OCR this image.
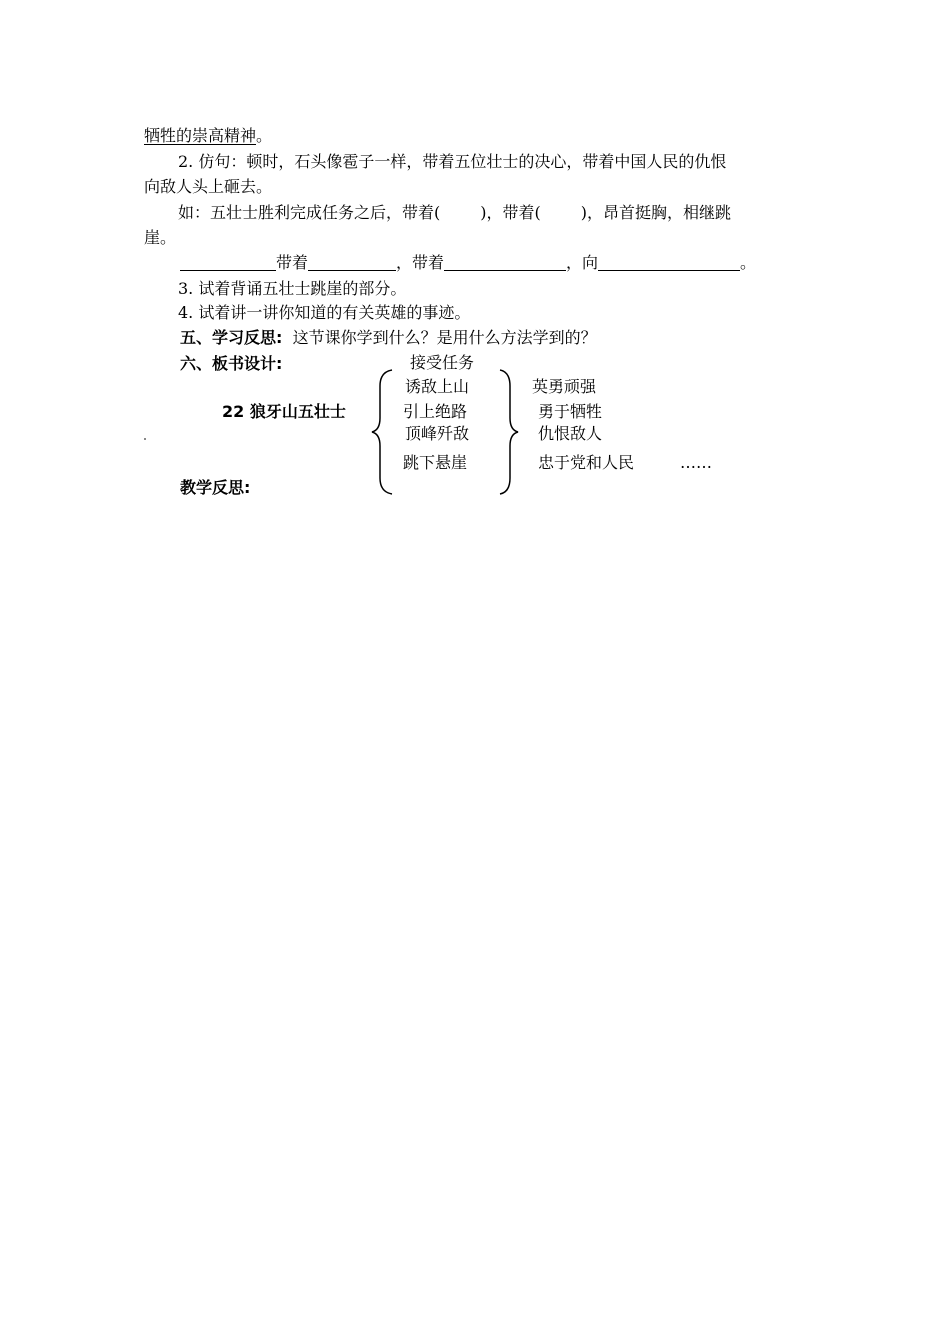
牺牲的崇高精神。
2. 仿句：顿时，石头像雹子一样，带着五位壮士的决心，带着中国人民的仇恨
向敌人头上砸去。
如：五壮士胜利完成任务之后，带着(	)，带着(	)，昂首挺胸，相继跳
崖。
带着	，带着	，向	。
3. 试着背诵五壮士跳崖的部分。
4. 试着讲一讲你知道的有关英雄的事迹。
五、学习反思: 这节课你学到什么？是用什么方法学到的？
六、板书设计:	接受任务
22 狼牙山五壮士
诱敌上山
引上绝路
顶峰歼敌
跳下悬崖
英勇顽强
勇于牺牲
仇恨敌人
忠于党和人民	……
教学反思:
